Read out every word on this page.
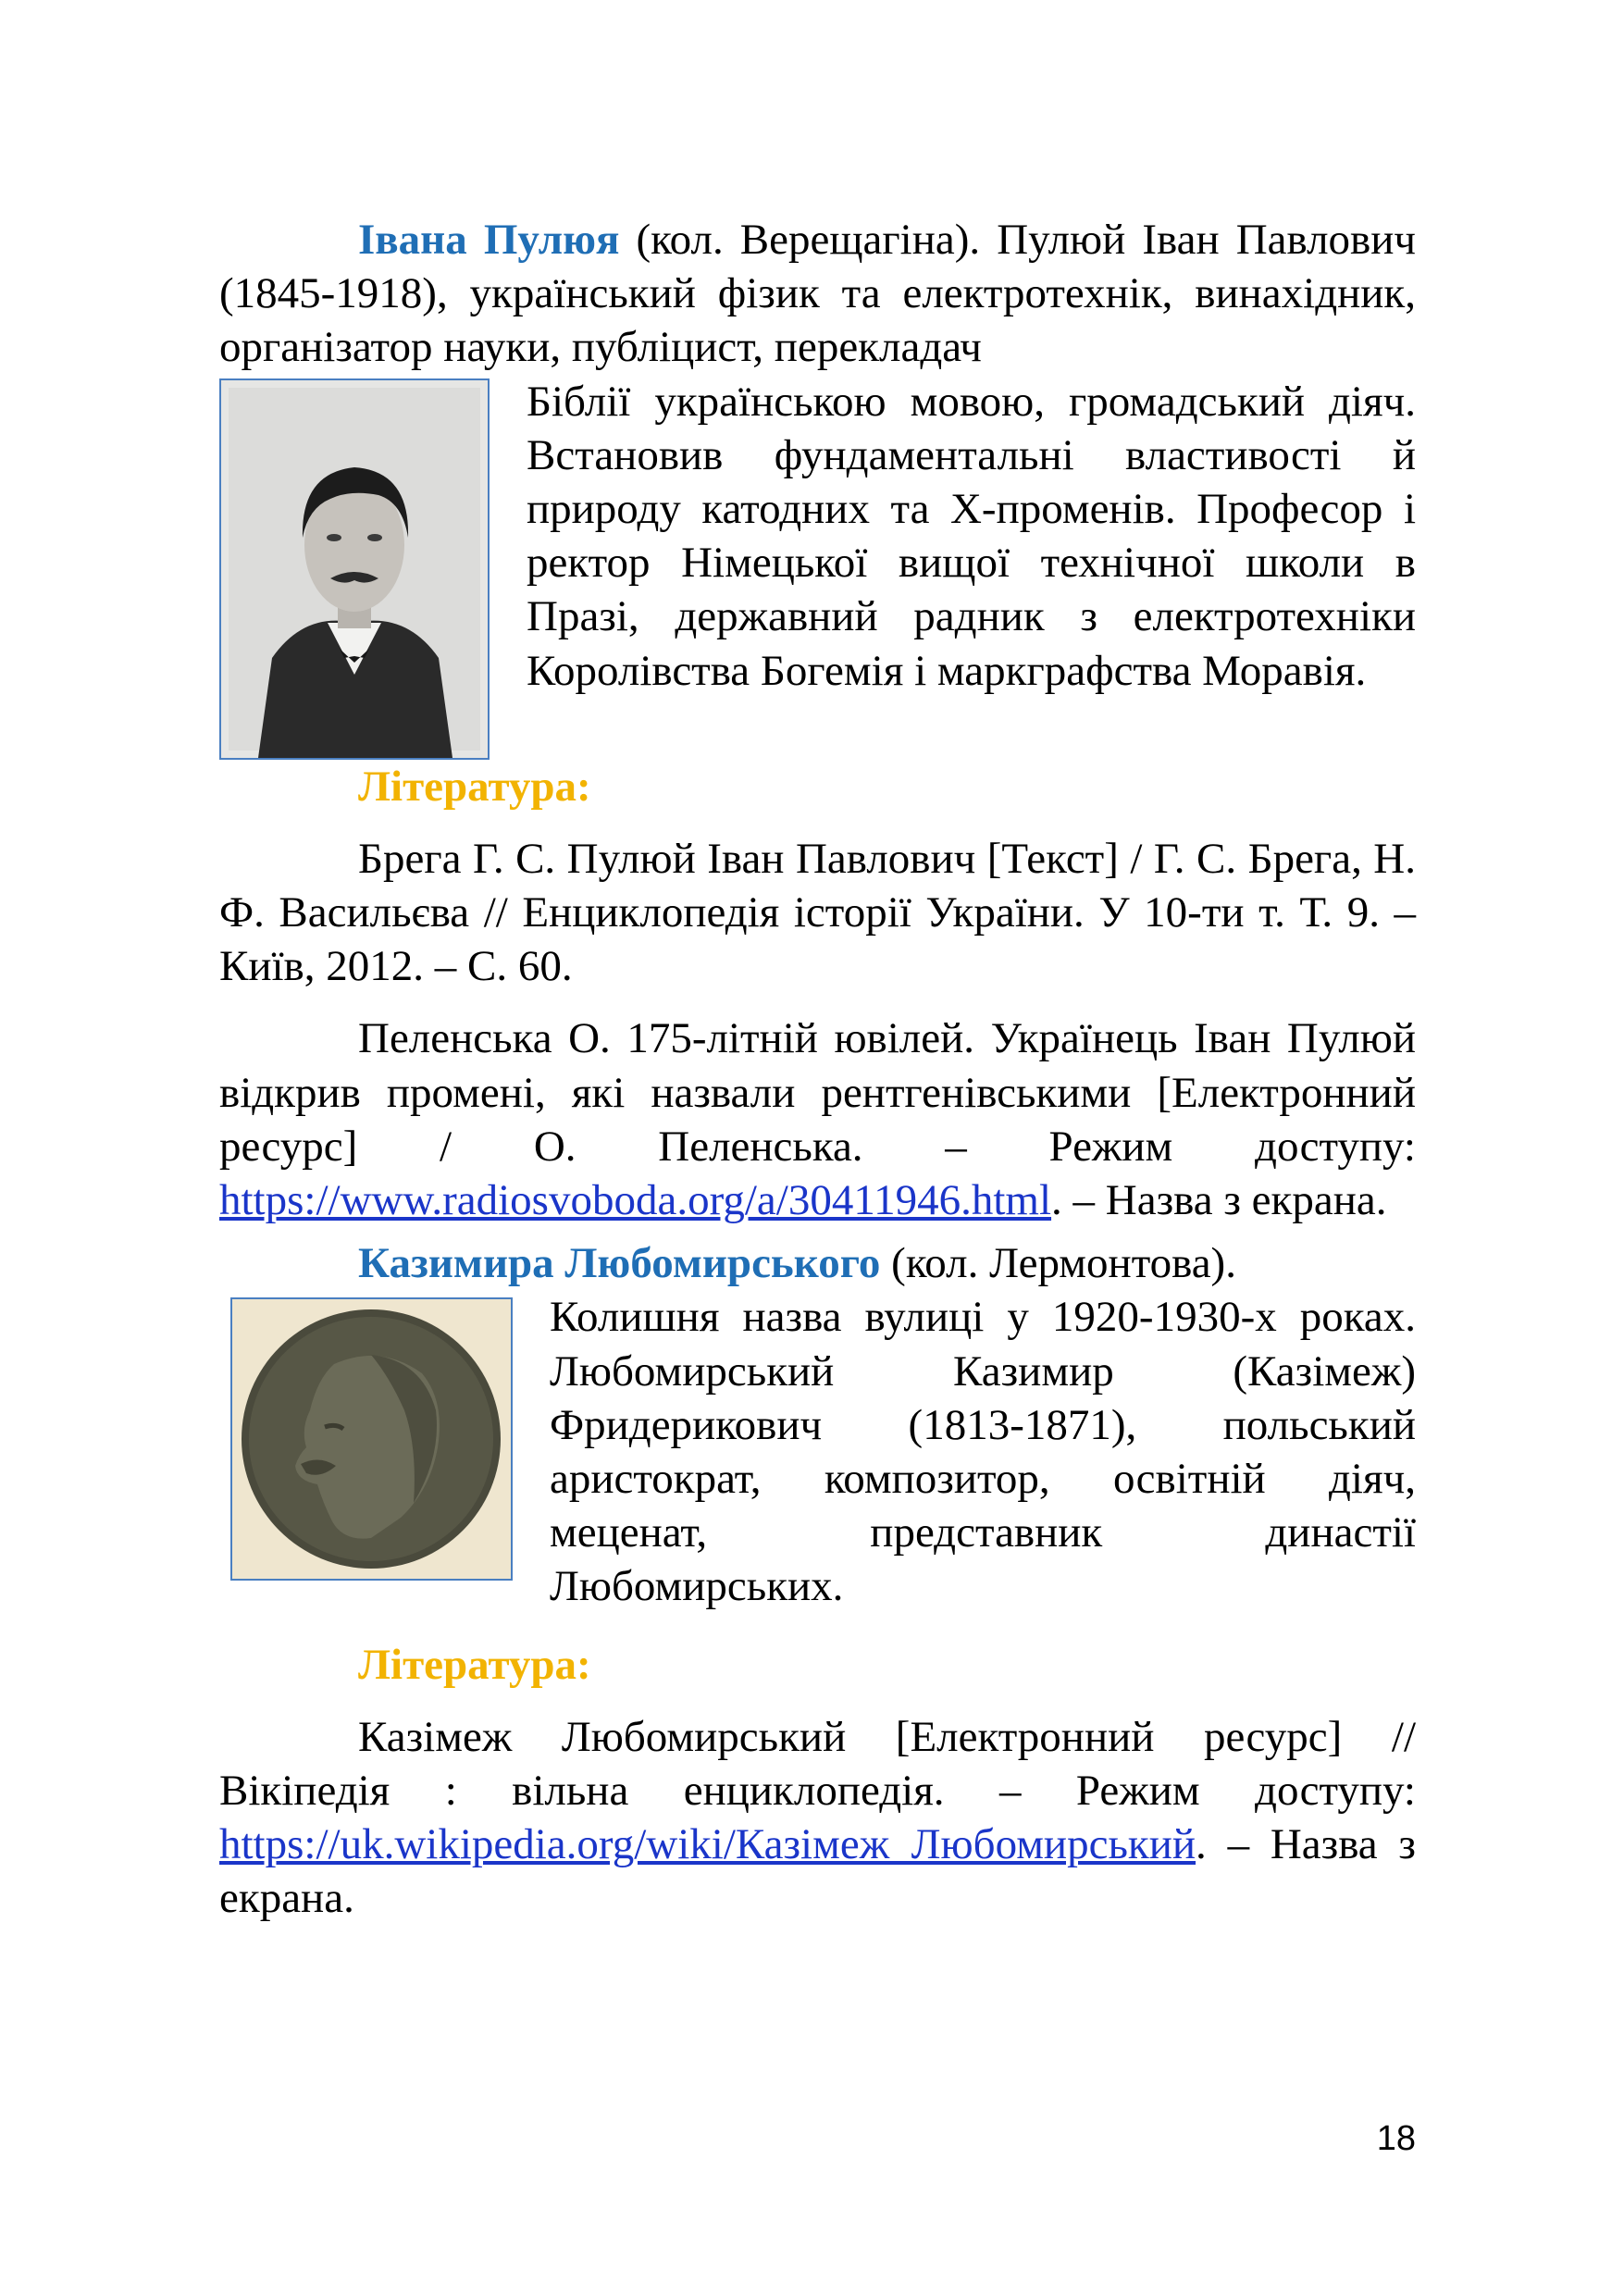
Івана Пулюя (кол. Верещагіна). Пулюй Іван Павлович (1845-1918), український фізик та електротехнік, винахідник, організатор науки, публіцист, перекладач

Біблії українською мовою, громадський діяч. Встановив фундаментальні властивості й природу катодних та Х-променів. Професор і ректор Німецької вищої технічної школи в Празі, державний радник з електротехніки Королівства Богемія і маркграфства Моравія.

Література:

Брега Г. С. Пулюй Іван Павлович [Текст] / Г. С. Брега, Н. Ф. Васильєва // Енциклопедія історії України. У 10-ти т. Т. 9. – Київ, 2012. – С. 60.

Пеленська О. 175-літній ювілей. Українець Іван Пулюй відкрив промені, які назвали рентгенівськими [Електронний ресурс] / О. Пеленська. – Режим доступу: https://www.radiosvoboda.org/a/30411946.html. – Назва з екрана.

Казимира Любомирського (кол. Лермонтова).

Колишня назва вулиці у 1920-1930-х роках. Любомирський Казимир (Казімеж) Фридерикович (1813-1871), польський аристократ, композитор, освітній діяч, меценат, представник династії Любомирських.

Література:

Казімеж Любомирський [Електронний ресурс] // Вікіпедія : вільна енциклопедія. – Режим доступу: https://uk.wikipedia.org/wiki/Казімеж_Любомирський. – Назва з екрана.

18
